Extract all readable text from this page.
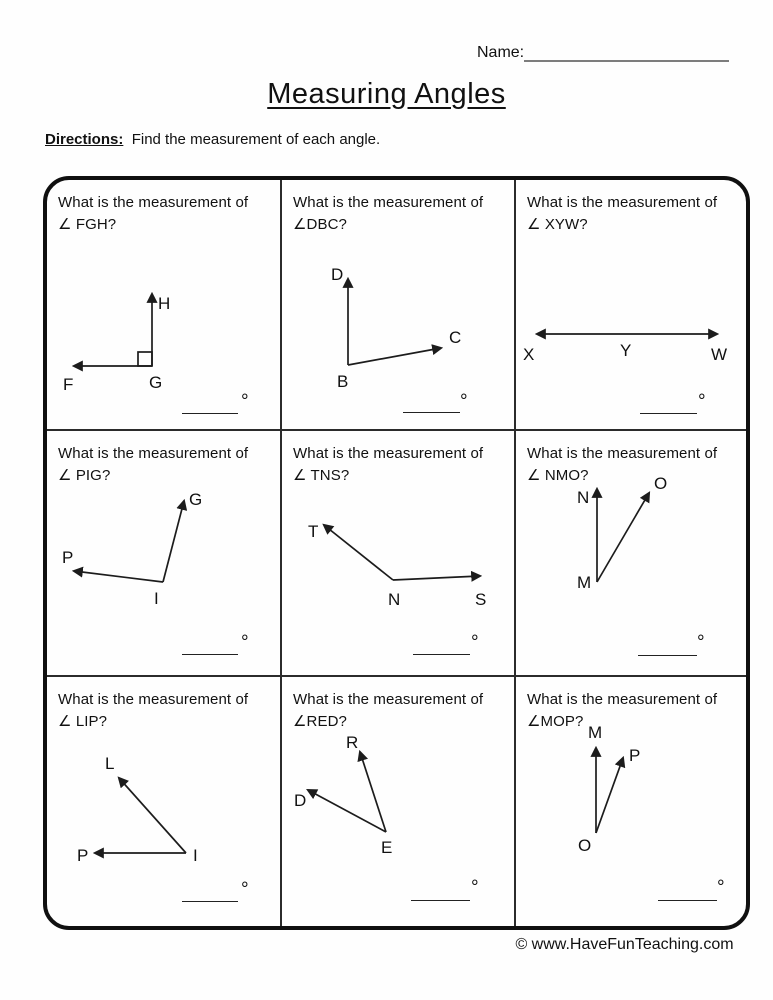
Name:
Measuring Angles
Directions: Find the measurement of each angle.
What is the measurement of
∠ FGH?
H
F	G
°
What is the measurement of
∠DBC?
D
C
B
°
What is the measurement of
∠ XYW?
X	W
Y
°
What is the measurement of
∠ PIG?
G
P
I
°
What is the measurement of
∠ TNS?
T
S
N
°
What is the measurement of
∠ NMO?
N
O
M
°
What is the measurement of
∠ LIP?
L
P	I
°
What is the measurement of
∠RED?
R
D
E
°
What is the measurement of
∠MOP?
M
P
O
°
© www.HaveFunTeaching.com
